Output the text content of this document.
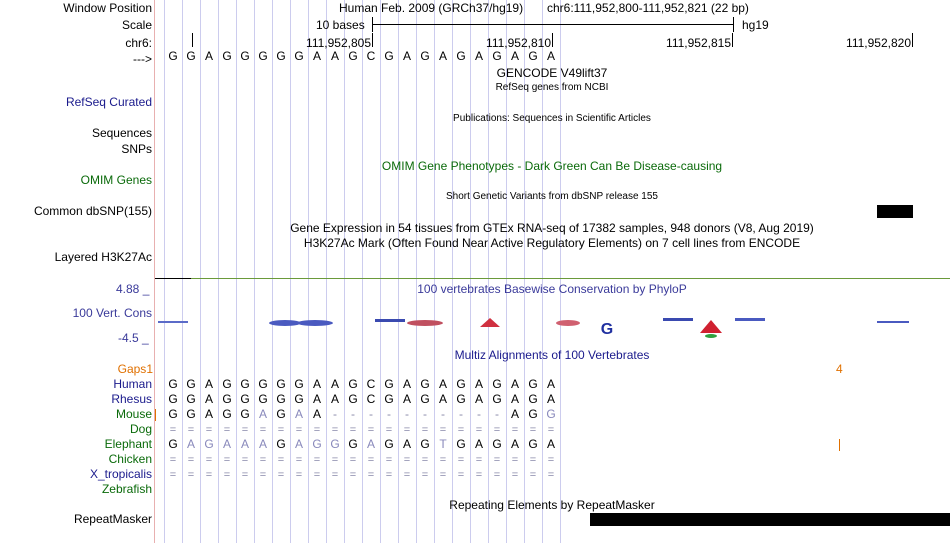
Window Position
Scale
chr6:
--->
Human Feb. 2009 (GRCh37/hg19) chr6:111,952,800-111,952,821 (22 bp)
10 bases	hg19
111,952,805	111,952,810	111,952,815	111,952,820
G G A G G G G G A A G C G A G A G A G A G A
GENCODE V49lift37
RefSeq genes from NCBI
RefSeq Curated
Publications: Sequences in Scientific Articles
Sequences
SNPs
OMIM Gene Phenotypes - Dark Green Can Be Disease-causing
OMIM Genes
Short Genetic Variants from dbSNP release 155
Common dbSNP(155)
Gene Expression in 54 tissues from GTEx RNA-seq of 17382 samples, 948 donors (V8, Aug 2019)
H3K27Ac Mark (Often Found Near Active Regulatory Elements) on 7 cell lines from ENCODE
Layered H3K27Ac
4.88 _	100 vertebrates Basewise Conservation by PhyloP
100 Vert. Cons
-4.5 _	G
Multiz Alignments of 100 Vertebrates
Gaps1	4
Human	G G A G G G G G A A G C G A G A G A G A G A
Rhesus	G G A G G G G G A A G C G A G A G A G A G A
Mouse	G G A G G A G A A	-	-	-	-	-	-	-	-	-	- A G G
Dog	=	=	=	=	=	=	=	=	=	=	=	=	=	=	=	=	=	=	=	=	=	=
Elephant	G A G A A A G A G G G A G A G T G A G A G A
Chicken	=	=	=	=	=	=	=	=	=	=	=	=	=	=	=	=	=	=	=	=	=	=
X_tropicalis	=	=	=	=	=	=	=	=	=	=	=	=	=	=	=	=	=	=	=	=	=	=
Zebrafish
Repeating Elements by RepeatMasker
RepeatMasker
